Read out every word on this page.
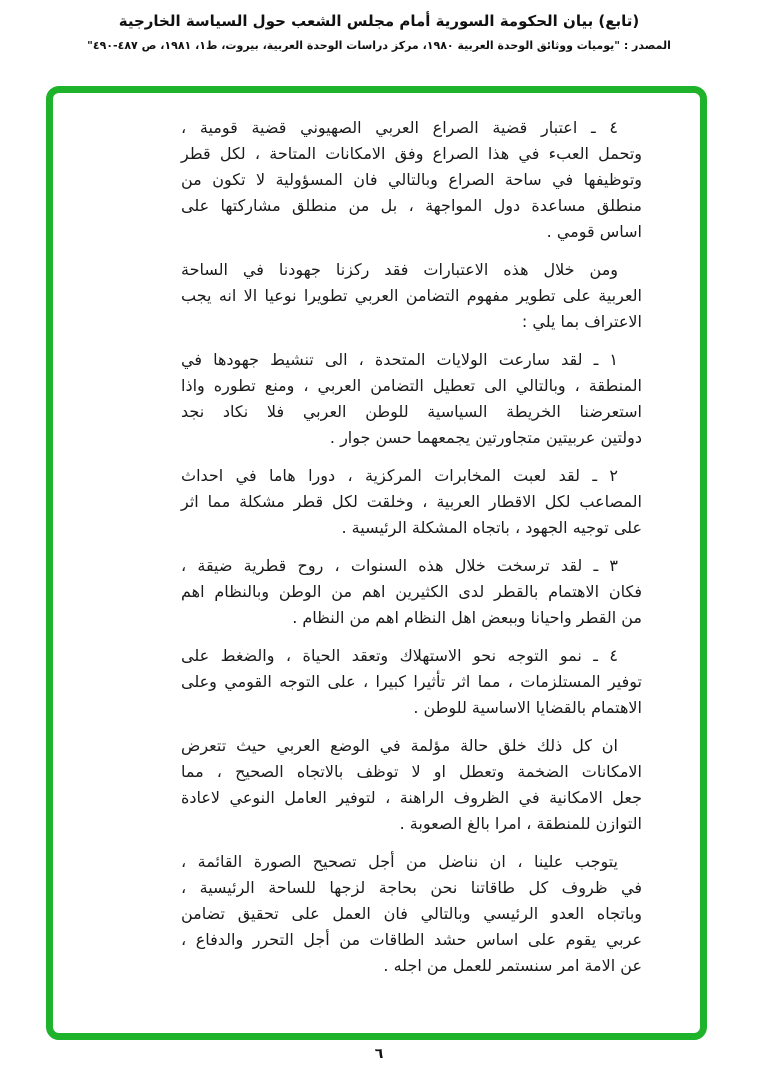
(تابع) بيان الحكومة السورية أمام مجلس الشعب حول السياسة الخارجية
المصدر : "يوميات ووثائق الوحدة العربية ١٩٨٠، مركز دراسات الوحدة العربية، بيروت، ط١، ١٩٨١، ص ٤٨٧-٤٩٠"
٤ ـ اعتبار قضية الصراع العربي الصهيوني قضية قومية ،
وتحمل العبء في هذا الصراع وفق الامكانات المتاحة ، لكل قطر
وتوظيفها في ساحة الصراع وبالتالي فان المسؤولية لا تكون من
منطلق مساعدة دول المواجهة ، بل من منطلق مشاركتها على
اساس قومي .
ومن خلال هذه الاعتبارات فقد ركزنا جهودنا في الساحة
العربية على تطوير مفهوم التضامن العربي تطويرا نوعيا الا انه يجب
الاعتراف بما يلي :
١ ـ لقد سارعت الولايات المتحدة ، الى تنشيط جهودها في
المنطقة ، وبالتالي الى تعطيل التضامن العربي ، ومنع تطوره واذا
استعرضنا الخريطة السياسية للوطن العربي فلا نكاد نجد
دولتين عربيتين متجاورتين يجمعهما حسن جوار .
٢ ـ لقد لعبت المخابرات المركزية ، دورا هاما في احداث
المصاعب لكل الاقطار العربية ، وخلقت لكل قطر مشكلة مما اثر
على توجيه الجهود ، باتجاه المشكلة الرئيسية .
٣ ـ لقد ترسخت خلال هذه السنوات ، روح قطرية ضيقة ،
فكان الاهتمام بالقطر لدى الكثيرين اهم من الوطن وبالنظام اهم
من القطر واحيانا وببعض اهل النظام اهم من النظام .
٤ ـ نمو التوجه نحو الاستهلاك وتعقد الحياة ، والضغط على
توفير المستلزمات ، مما اثر تأثيرا كبيرا ، على التوجه القومي وعلى
الاهتمام بالقضايا الاساسية للوطن .
ان كل ذلك خلق حالة مؤلمة في الوضع العربي حيث تتعرض
الامكانات الضخمة وتعطل او لا توظف بالاتجاه الصحيح ، مما
جعل الامكانية في الظروف الراهنة ، لتوفير العامل النوعي لاعادة
التوازن للمنطقة ، امرا بالغ الصعوبة .
يتوجب علينا ، ان نناضل من أجل تصحيح الصورة القائمة ،
في ظروف كل طاقاتنا نحن بحاجة لزجها للساحة الرئيسية ،
وباتجاه العدو الرئيسي وبالتالي فان العمل على تحقيق تضامن
عربي يقوم على اساس حشد الطاقات من أجل التحرر والدفاع ،
عن الامة امر سنستمر للعمل من اجله .
٦
